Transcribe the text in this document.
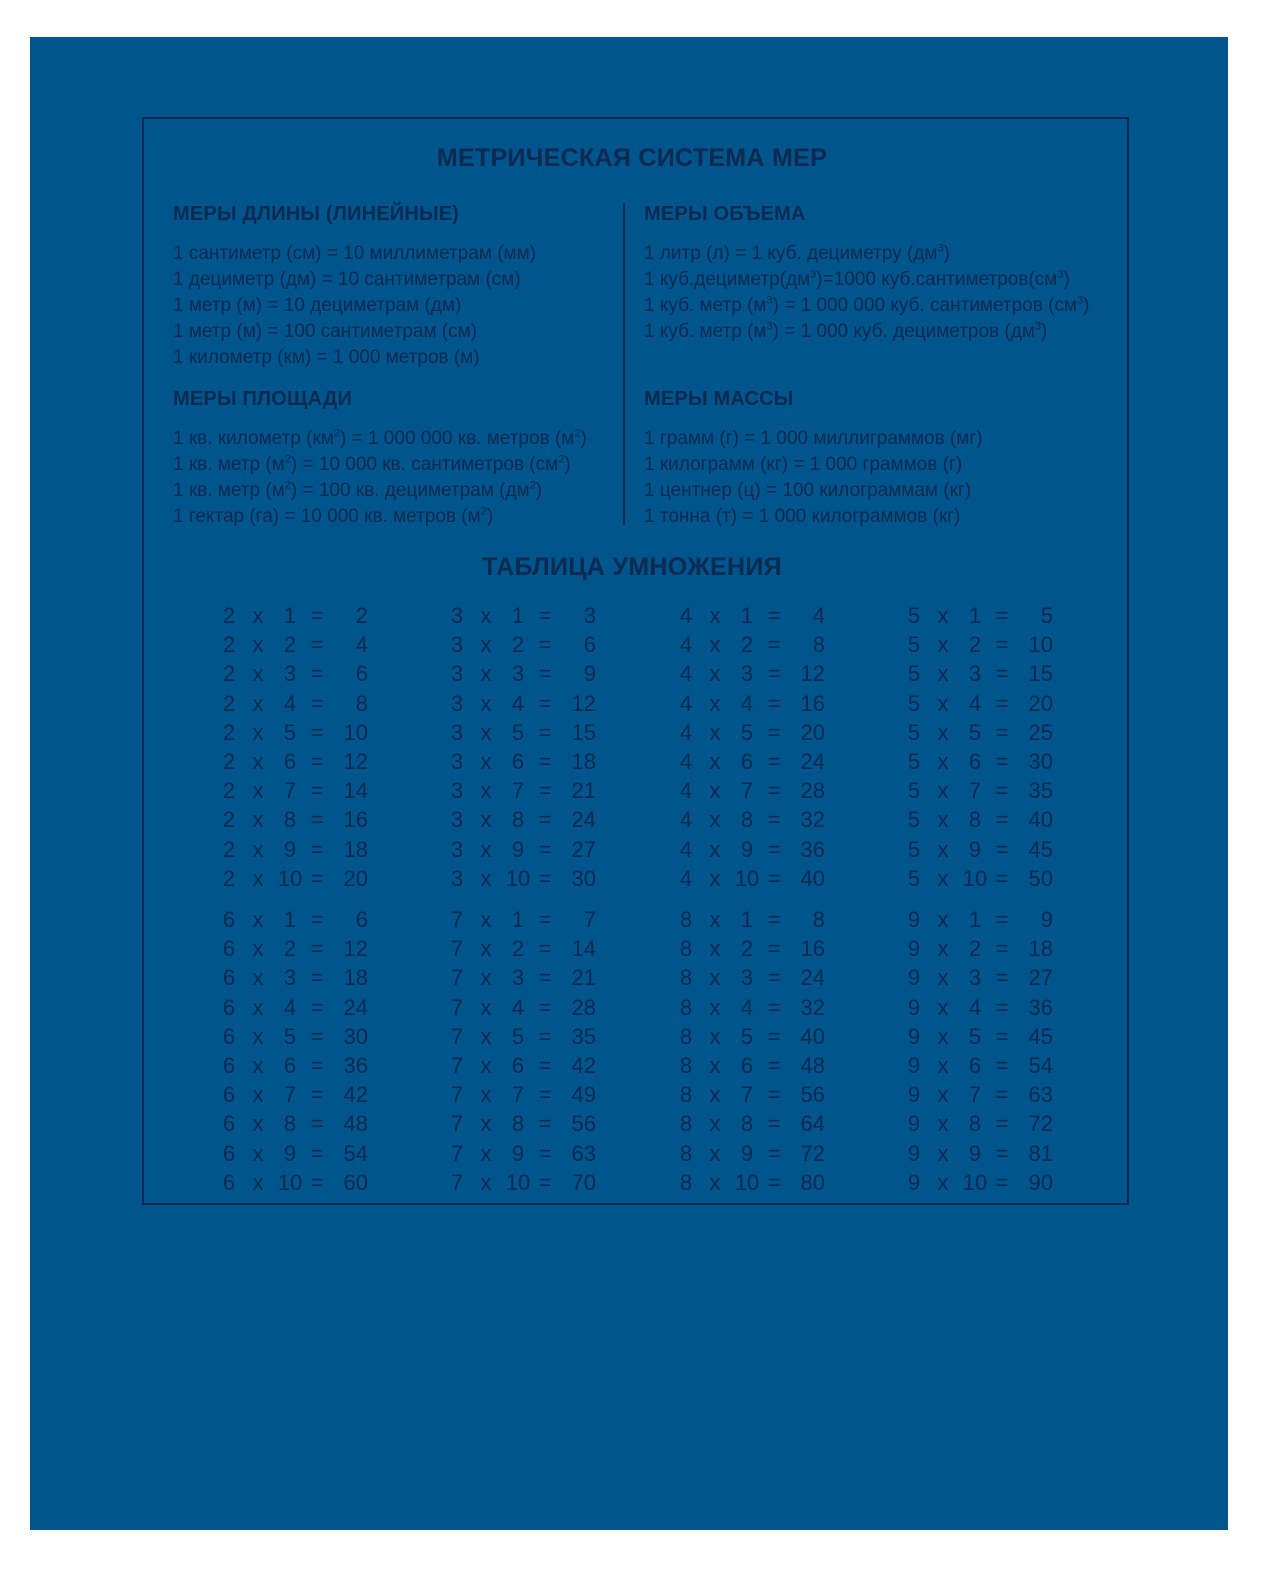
МЕТРИЧЕСКАЯ СИСТЕМА МЕР
МЕРЫ ДЛИНЫ (ЛИНЕЙНЫЕ)
1 сантиметр (см) = 10 миллиметрам (мм)
1 дециметр (дм) = 10 сантиметрам (см)
1 метр (м) = 10 дециметрам (дм)
1 метр (м) = 100 сантиметрам (см)
1 километр (км) = 1 000 метров (м)
МЕРЫ ОБЪЕМА
1 литр (л) = 1 куб. дециметру $(дм^3)$
1 $куб.дециметр(дм^3)=1000$ $куб.сантиметров(см^3)$
1 куб. метр $(м^3) = 1$ 000 000 куб. сантиметров $(см^3)$
1 куб. метр $(м^3) = 1$ 000 куб. дециметров $(дм^3)$
МЕРЫ ПЛОЩАДИ
1 кв. километр $(км^2) = 1$ 000 000 кв. метров $(м^2)$
1 кв. метр $(м^2) = 10$ 000 кв. сантиметров $(см^2)$
1 кв. метр $(м^2) = 100$ кв. дециметрам $(дм^2)$
1 гектар (га) = 10 000 кв. метров $(м^2)$
МЕРЫ МАССЫ
1 грамм (г) = 1 000 миллиграммов (мг)
1 килограмм (кг) = 1 000 граммов (г)
1 центнер (ц) = 100 килограммам (кг)
1 тонна (т) = 1 000 килограммов (кг)
ТАБЛИЦА УМНОЖЕНИЯ
2 x 1 =	2
2 x 2 =	4
2 x 3 =	6
2 x 4 =	8
2 x 5 = 10
2 x 6 = 12
2 x 7 = 14
2 x 8 = 16
2 x 9 = 18
2 x 10 = 20
3 x 1 =	3
3 x 2 =	6
3 x 3 =	9
3 x 4 = 12
3 x 5 = 15
3 x 6 = 18
3 x 7 = 21
3 x 8 = 24
3 x 9 = 27
3 x 10 = 30
4 x 1 =	4
4 x 2 =	8
4 x 3 = 12
4 x 4 = 16
4 x 5 = 20
4 x 6 = 24
4 x 7 = 28
4 x 8 = 32
4 x 9 = 36
4 x 10 = 40
5 x 1 =	5
5 x 2 = 10
5 x 3 = 15
5 x 4 = 20
5 x 5 = 25
5 x 6 = 30
5 x 7 = 35
5 x 8 = 40
5 x 9 = 45
5 x 10 = 50
6 x 1 =	6
6 x 2 = 12
6 x 3 = 18
6 x 4 = 24
6 x 5 = 30
6 x 6 = 36
6 x 7 = 42
6 x 8 = 48
6 x 9 = 54
6 x 10 = 60
7 x 1 =	7
7 x 2 = 14
7 x 3 = 21
7 x 4 = 28
7 x 5 = 35
7 x 6 = 42
7 x 7 = 49
7 x 8 = 56
7 x 9 = 63
7 x 10 = 70
8 x 1 =	8
8 x 2 = 16
8 x 3 = 24
8 x 4 = 32
8 x 5 = 40
8 x 6 = 48
8 x 7 = 56
8 x 8 = 64
8 x 9 = 72
8 x 10 = 80
9 x 1 =	9
9 x 2 = 18
9 x 3 = 27
9 x 4 = 36
9 x 5 = 45
9 x 6 = 54
9 x 7 = 63
9 x 8 = 72
9 x 9 = 81
9 x 10 = 90
